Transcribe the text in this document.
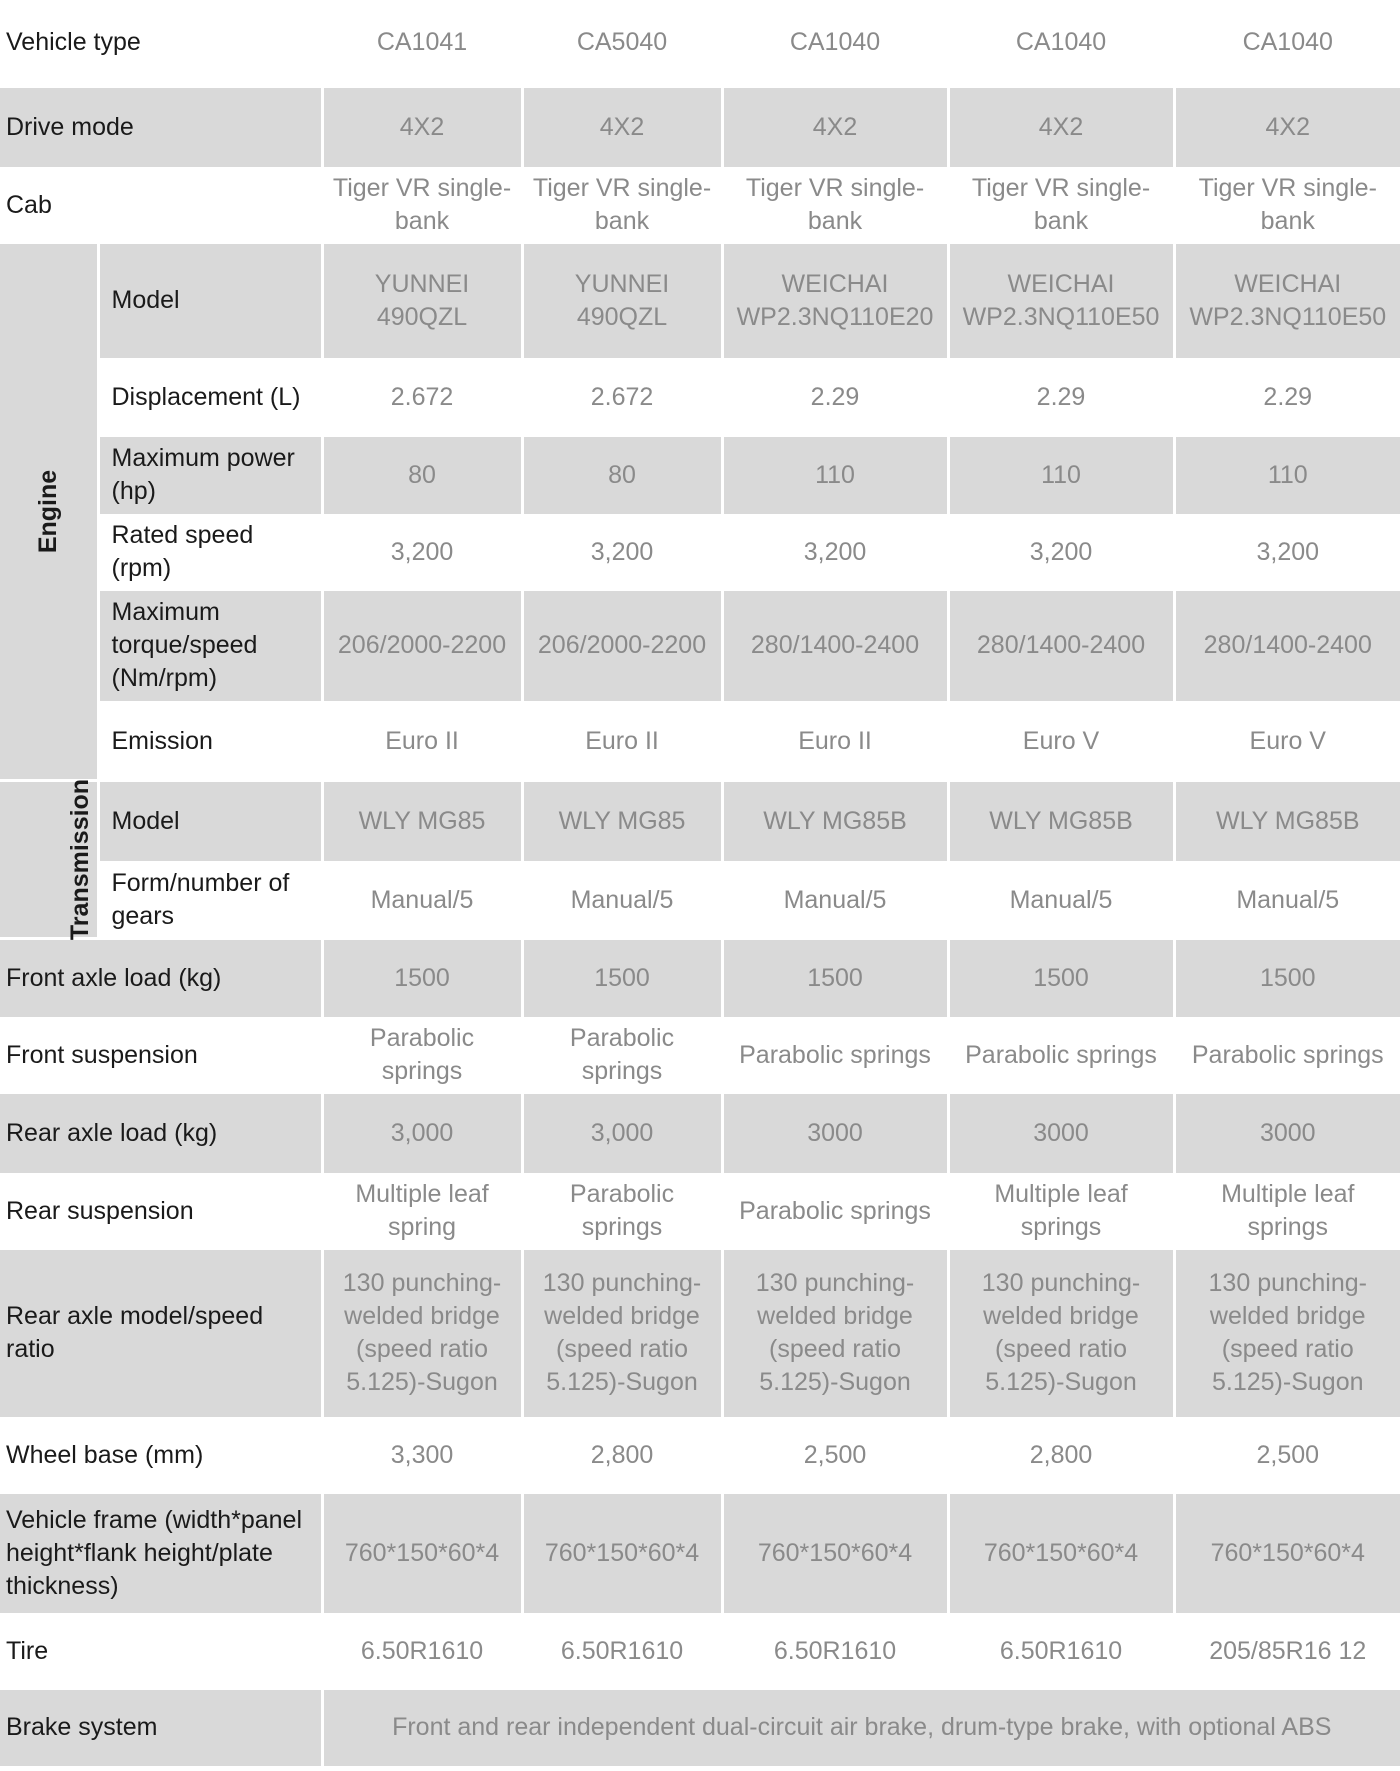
Vehicle type		CA1041	CA5040	CA1040	CA1040	CA1040
Drive mode		4X2	4X2	4X2	4X2	4X2
Cab		Tiger VR single-bank	Tiger VR single-bank	Tiger VR single-bank	Tiger VR single-bank	Tiger VR single-bank
Engine	Model	YUNNEI 490QZL	YUNNEI 490QZL	WEICHAI WP2.3NQ110E20	WEICHAI WP2.3NQ110E50	WEICHAI WP2.3NQ110E50
	Displacement (L)	2.672	2.672	2.29	2.29	2.29
	Maximum power (hp)	80	80	110	110	110
	Rated speed (rpm)	3,200	3,200	3,200	3,200	3,200
	Maximum torque/speed (Nm/rpm)	206/2000-2200	206/2000-2200	280/1400-2400	280/1400-2400	280/1400-2400
	Emission	Euro II	Euro II	Euro II	Euro V	Euro V
Transmission	Model	WLY MG85	WLY MG85	WLY MG85B	WLY MG85B	WLY MG85B
	Form/number of gears	Manual/5	Manual/5	Manual/5	Manual/5	Manual/5
Front axle load (kg)		1500	1500	1500	1500	1500
Front suspension		Parabolic springs	Parabolic springs	Parabolic springs	Parabolic springs	Parabolic springs
Rear axle load (kg)		3,000	3,000	3000	3000	3000
Rear suspension		Multiple leaf spring	Parabolic springs	Parabolic springs	Multiple leaf springs	Multiple leaf springs
Rear axle model/speed ratio		130 punching-welded bridge (speed ratio 5.125)-Sugon	130 punching-welded bridge (speed ratio 5.125)-Sugon	130 punching-welded bridge (speed ratio 5.125)-Sugon	130 punching-welded bridge (speed ratio 5.125)-Sugon	130 punching-welded bridge (speed ratio 5.125)-Sugon
Wheel base (mm)		3,300	2,800	2,500	2,800	2,500
Vehicle frame (width*panel height*flank height/plate thickness)		760*150*60*4	760*150*60*4	760*150*60*4	760*150*60*4	760*150*60*4
Tire		6.50R1610	6.50R1610	6.50R1610	6.50R1610	205/85R16 12
Brake system		Front and rear independent dual-circuit air brake, drum-type brake, with optional ABS				
